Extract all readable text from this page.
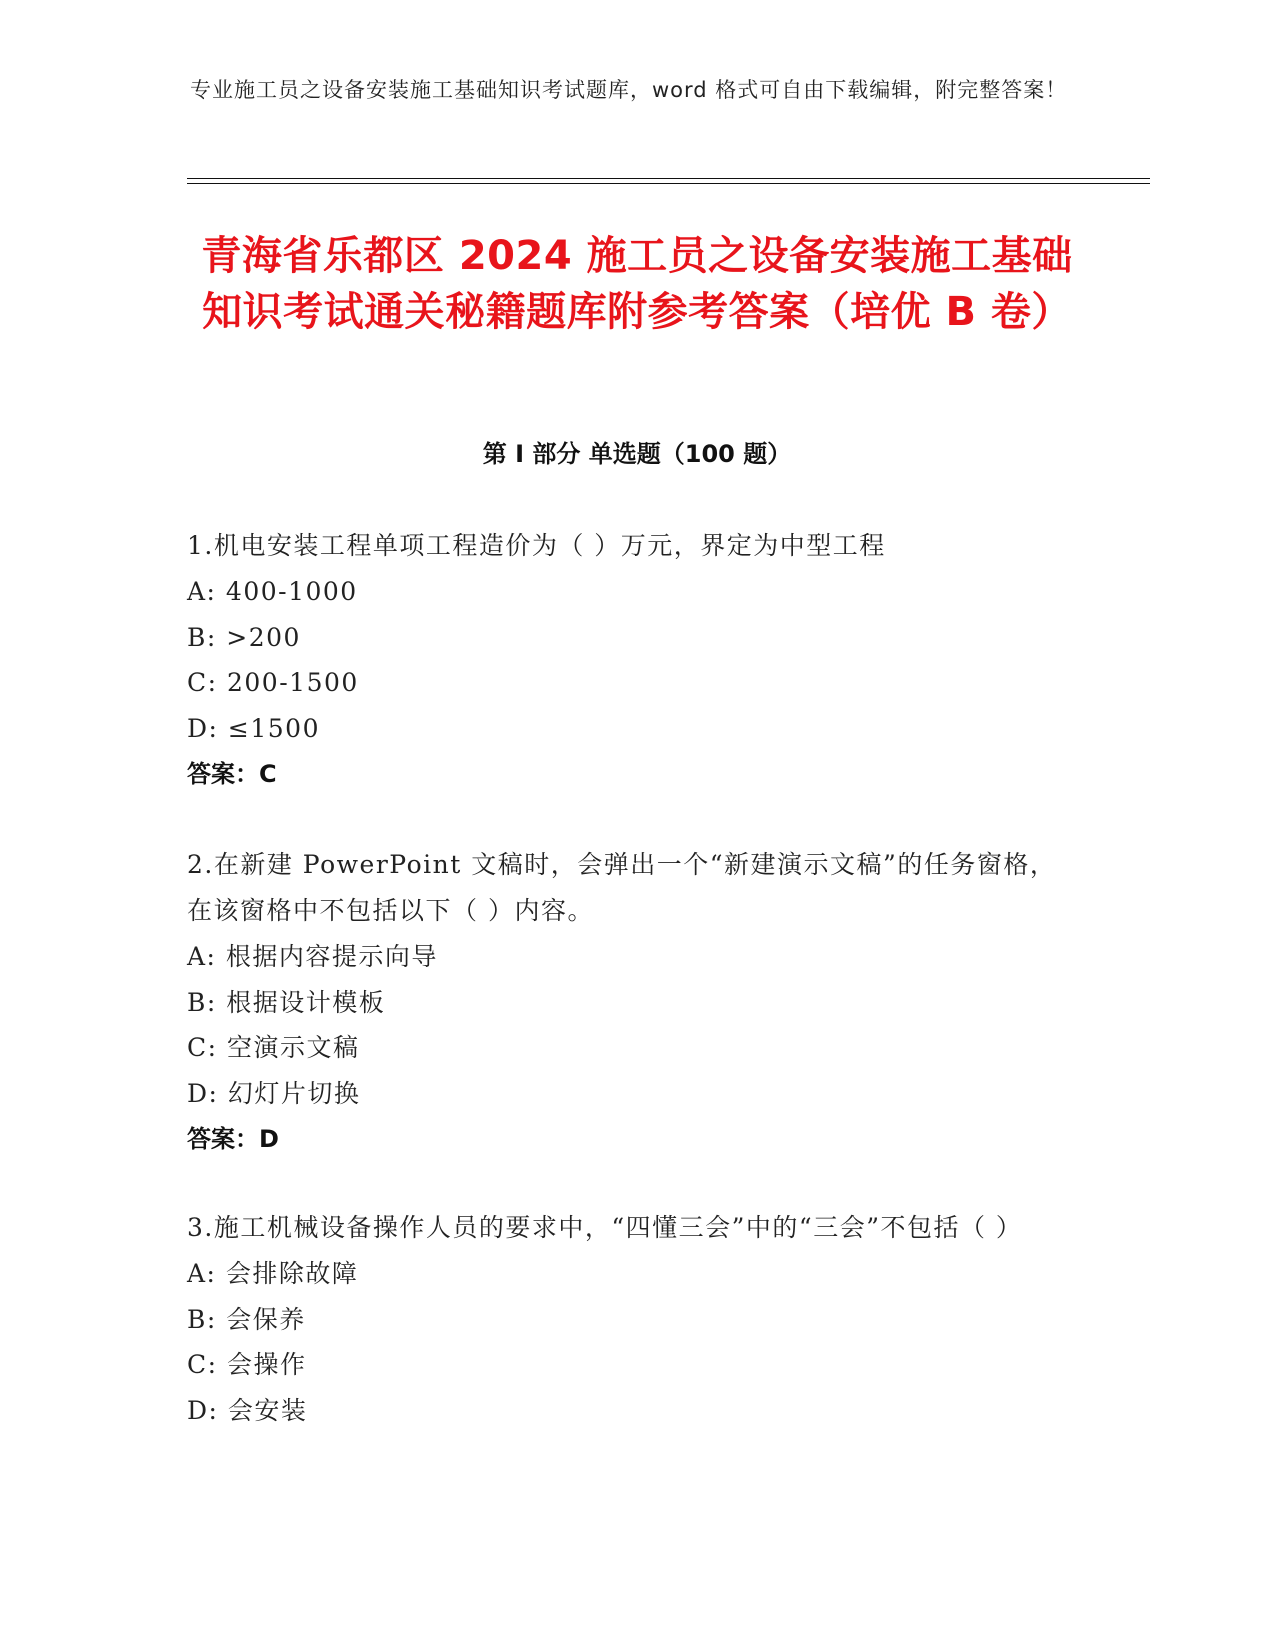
专业施工员之设备安装施工基础知识考试题库，word 格式可自由下载编辑，附完整答案！
青海省乐都区 2024 施工员之设备安装施工基础知识考试通关秘籍题库附参考答案（培优 B 卷）
第 I 部分 单选题（100 题）

1.机电安装工程单项工程造价为（ ）万元，界定为中型工程

A: 400-1000

B: >200

C: 200-1500

D: ≤1500

答案：C

2.在新建 PowerPoint 文稿时，会弹出一个“新建演示文稿”的任务窗格，在该窗格中不包括以下（ ）内容。

A: 根据内容提示向导

B: 根据设计模板

C: 空演示文稿

D: 幻灯片切换

答案：D

3.施工机械设备操作人员的要求中，“四懂三会”中的“三会”不包括（ ）

A: 会排除故障

B: 会保养

C: 会操作

D: 会安装
